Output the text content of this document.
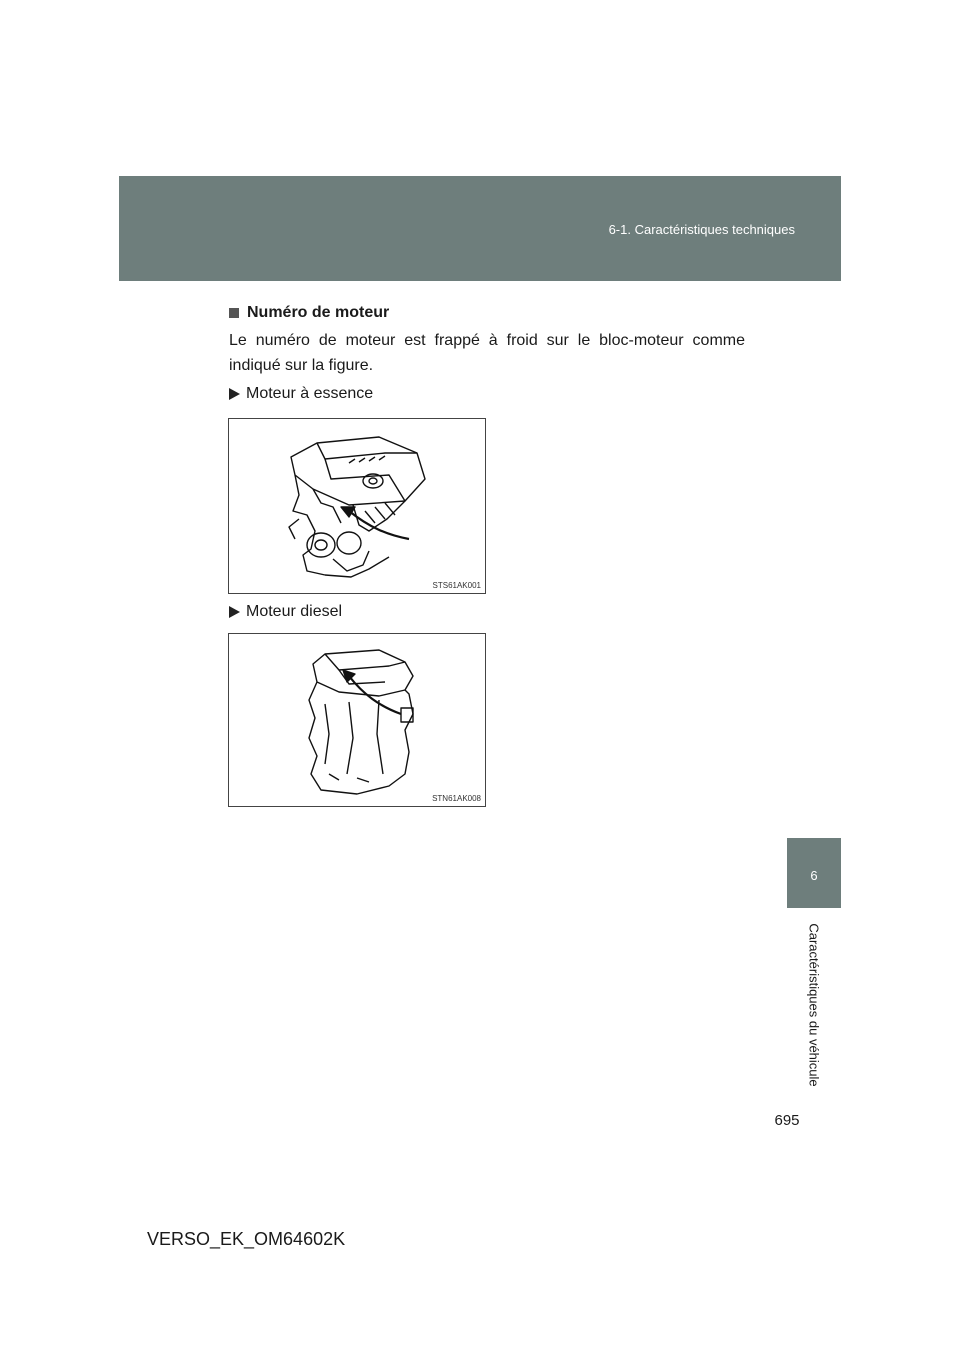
6-1. Caractéristiques techniques
6
Caractéristiques du véhicule
695
Numéro de moteur
Le numéro de moteur est frappé à froid sur le bloc-moteur comme indiqué sur la figure.
Moteur à essence
STS61AK001
Moteur diesel
STN61AK008
VERSO_EK_OM64602K
